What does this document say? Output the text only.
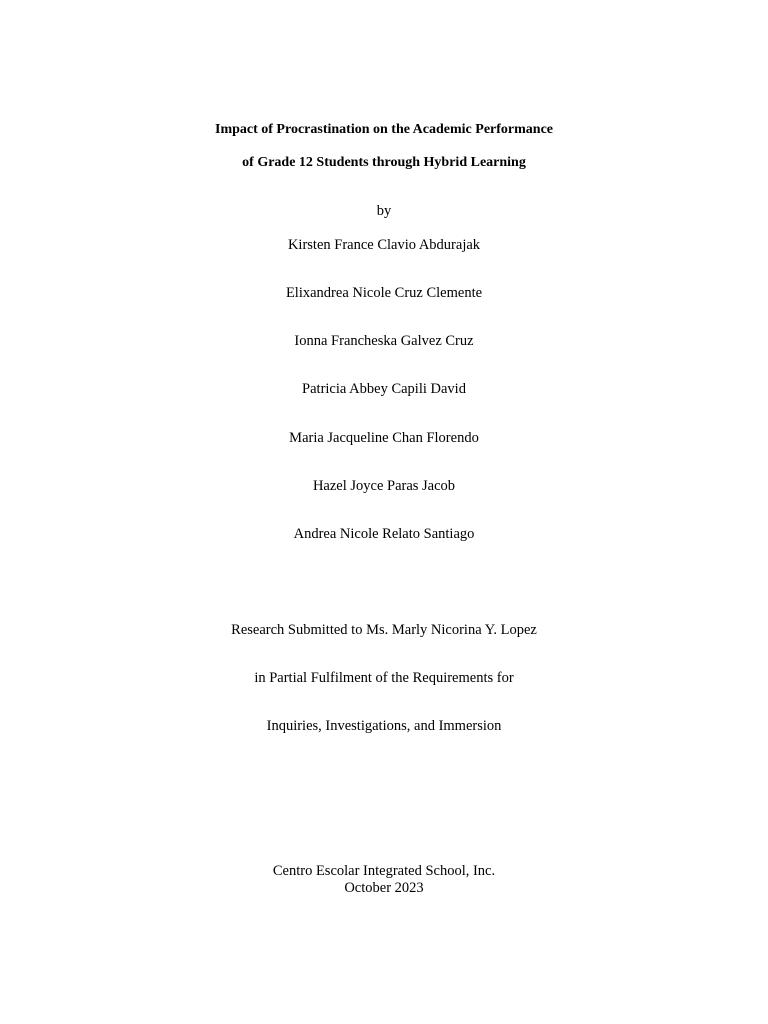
Impact of Procrastination on the Academic Performance
of Grade 12 Students through Hybrid Learning
by
Kirsten France Clavio Abdurajak
Elixandrea Nicole Cruz Clemente
Ionna Francheska Galvez Cruz
Patricia Abbey Capili David
Maria Jacqueline Chan Florendo
Hazel Joyce Paras Jacob
Andrea Nicole Relato Santiago
Research Submitted to Ms. Marly Nicorina Y. Lopez
in Partial Fulfilment of the Requirements for
Inquiries, Investigations, and Immersion
Centro Escolar Integrated School, Inc.
October 2023
